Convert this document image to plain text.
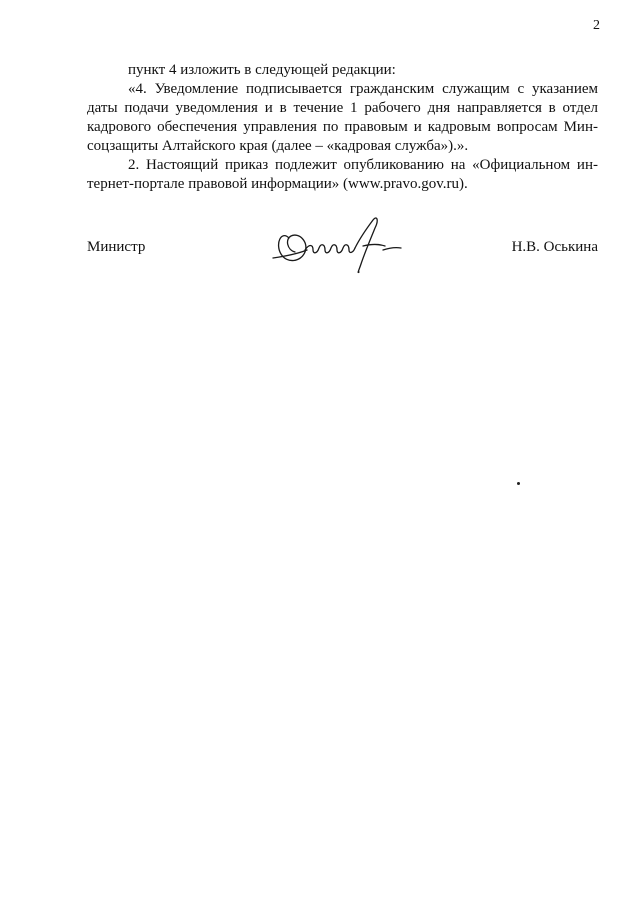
2

пункт 4 изложить в следующей редакции:

«4. Уведомление подписывается гражданским служащим с указанием даты подачи уведомления и в течение 1 рабочего дня направляется в отдел кадрового обеспечения управления по правовым и кадровым вопросам Минсоцзащиты Алтайского края (далее – «кадровая служба»).».

2. Настоящий приказ подлежит опубликованию на «Официальном интернет-портале правовой информации» (www.pravo.gov.ru).

Министр	Н.В. Оськина
